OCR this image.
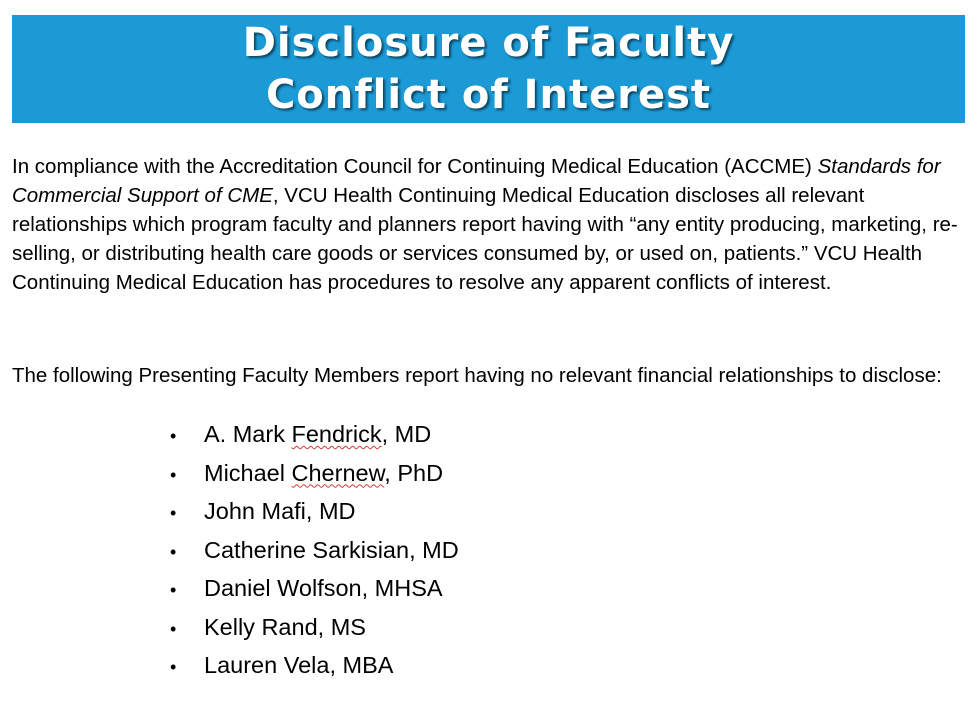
Disclosure of Faculty
Conflict of Interest

In compliance with the Accreditation Council for Continuing Medical Education (ACCME) Standards for Commercial Support of CME, VCU Health Continuing Medical Education discloses all relevant relationships which program faculty and planners report having with “any entity producing, marketing, re-selling, or distributing health care goods or services consumed by, or used on, patients.” VCU Health Continuing Medical Education has procedures to resolve any apparent conflicts of interest.

The following Presenting Faculty Members report having no relevant financial relationships to disclose:
•	A. Mark Fendrick, MD
•	Michael Chernew, PhD
•	John Mafi, MD
•	Catherine Sarkisian, MD
•	Daniel Wolfson, MHSA
•	Kelly Rand, MS
•	Lauren Vela, MBA
